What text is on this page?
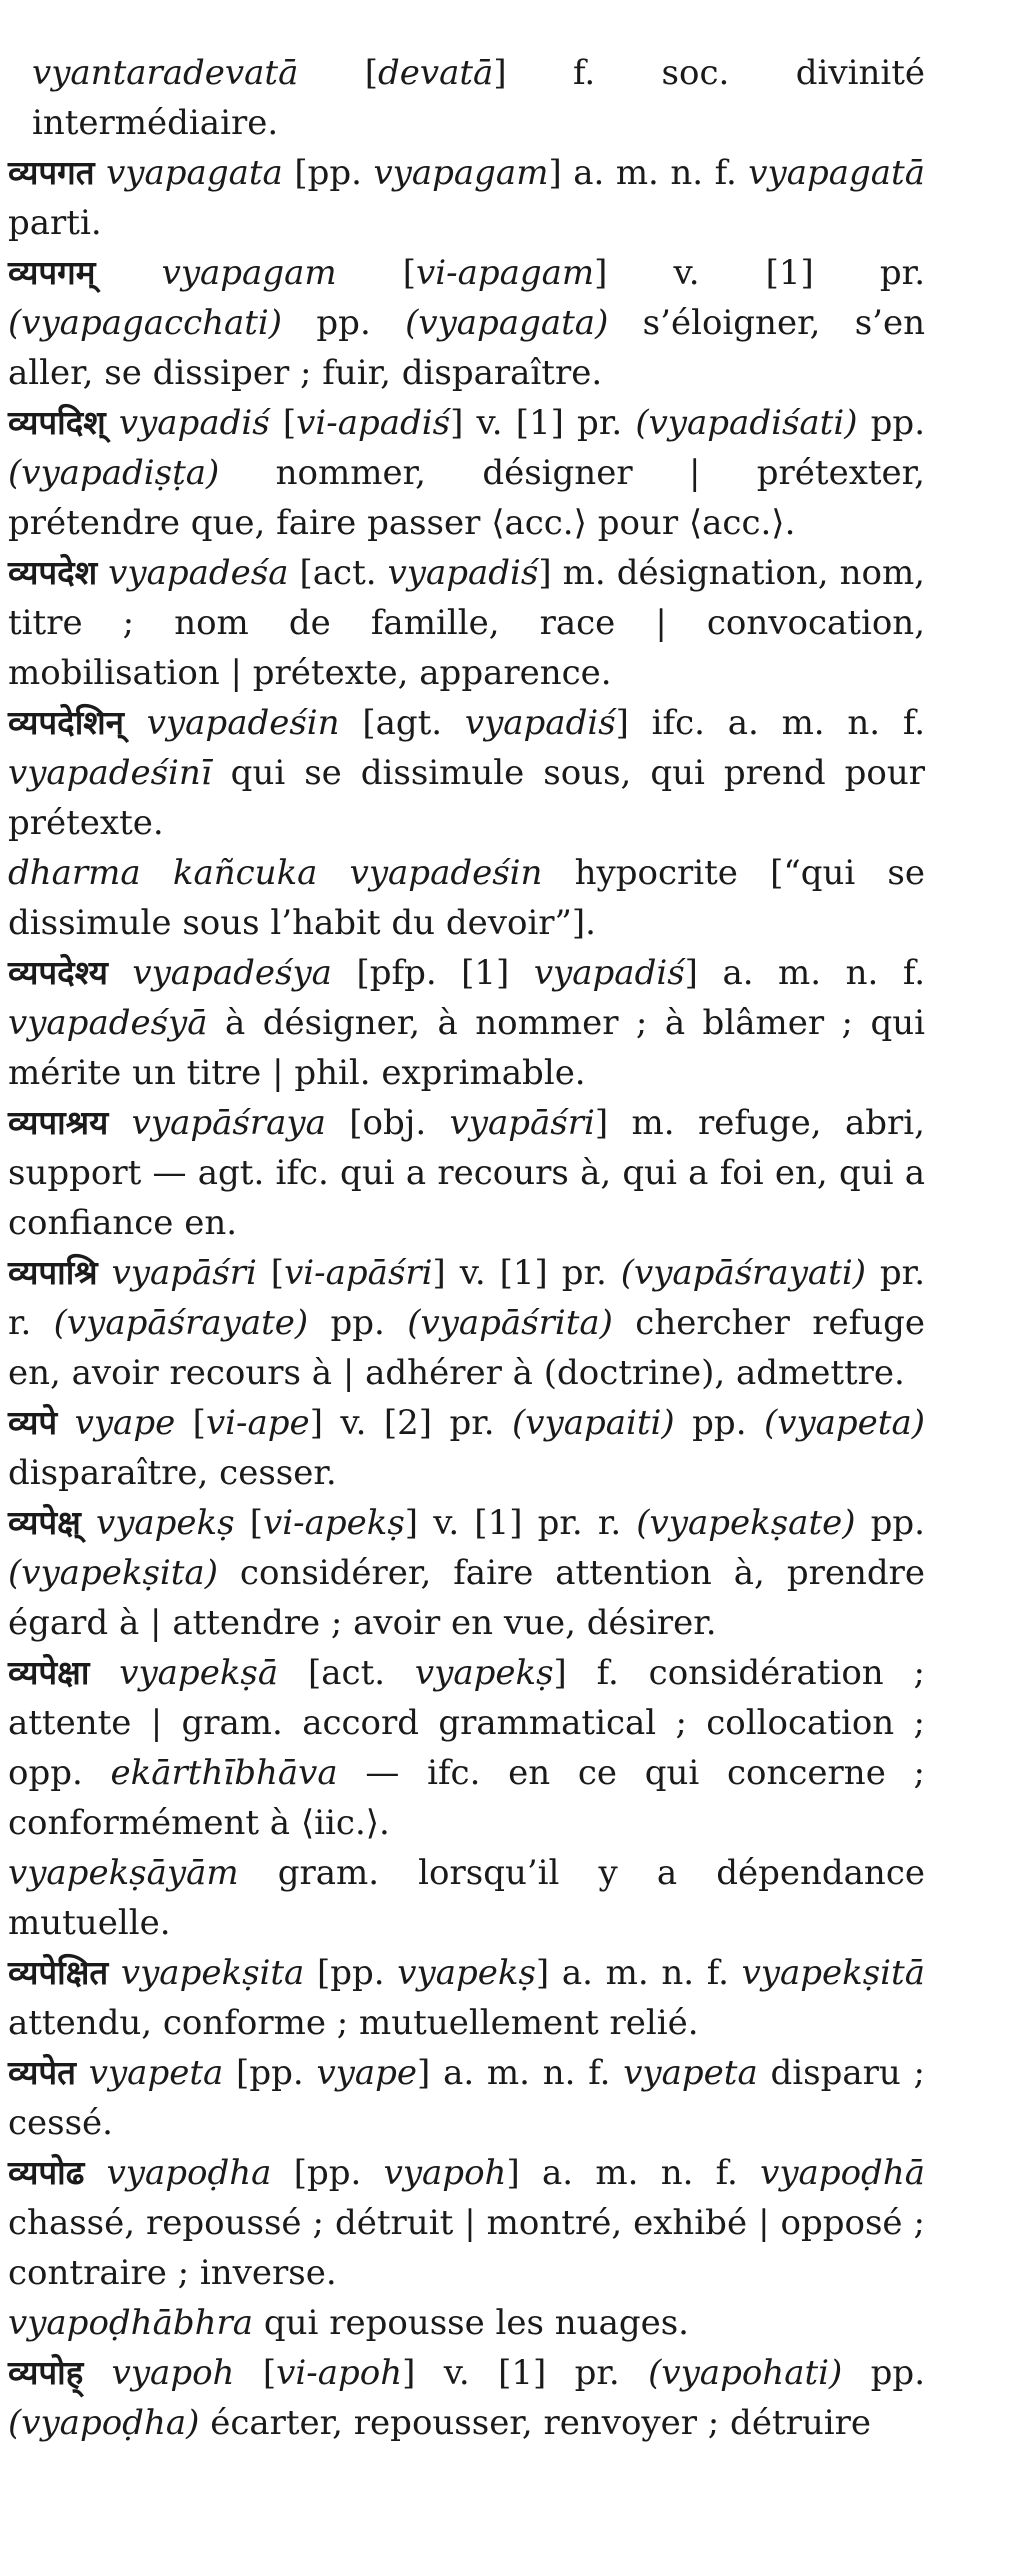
vyantaradevatā [devatā] f. soc. divinité intermédiaire.

व्यपगत vyapagata [pp. vyapagam] a. m. n. f. vyapagatā parti.

व्यपगम् vyapagam [vi-apagam] v. [1] pr. (vyapagacchati) pp. (vyapagata) s’éloigner, s’en aller, se dissiper ; fuir, disparaître.

व्यपदिश् vyapadiś [vi-apadiś] v. [1] pr. (vyapadiśati) pp. (vyapadiṣṭa) nommer, désigner | prétexter, prétendre que, faire passer ⟨acc.⟩ pour ⟨acc.⟩.

व्यपदेश vyapadeśa [act. vyapadiś] m. désignation, nom, titre ; nom de famille, race | convocation, mobilisation | prétexte, apparence.

व्यपदेशिन् vyapadeśin [agt. vyapadiś] ifc. a. m. n. f. vyapadeśinī qui se dissimule sous, qui prend pour prétexte.

dharma kañcuka vyapadeśin hypocrite [“qui se dissimule sous l’habit du devoir”].

व्यपदेश्य vyapadeśya [pfp. [1] vyapadiś] a. m. n. f. vyapadeśyā à désigner, à nommer ; à blâmer ; qui mérite un titre | phil. exprimable.

व्यपाश्रय vyapāśraya [obj. vyapāśri] m. refuge, abri, support — agt. ifc. qui a recours à, qui a foi en, qui a confiance en.

व्यपाश्रि vyapāśri [vi-apāśri] v. [1] pr. (vyapāśrayati) pr. r. (vyapāśrayate) pp. (vyapāśrita) chercher refuge en, avoir recours à | adhérer à (doctrine), admettre.

व्यपे vyape [vi-ape] v. [2] pr. (vyapaiti) pp. (vyapeta) disparaître, cesser.

व्यपेक्ष् vyapekṣ [vi-apekṣ] v. [1] pr. r. (vyapekṣate) pp. (vyapekṣita) considérer, faire attention à, prendre égard à | attendre ; avoir en vue, désirer.

व्यपेक्षा vyapekṣā [act. vyapekṣ] f. considération ; attente | gram. accord grammatical ; collocation ; opp. ekārthībhāva — ifc. en ce qui concerne ; conformément à ⟨iic.⟩.

vyapekṣāyām gram. lorsqu’il y a dépendance mutuelle.

व्यपेक्षित vyapekṣita [pp. vyapekṣ] a. m. n. f. vyapekṣitā attendu, conforme ; mutuellement relié.

व्यपेत vyapeta [pp. vyape] a. m. n. f. vyapeta disparu ; cessé.

व्यपोढ vyapoḍha [pp. vyapoh] a. m. n. f. vyapoḍhā chassé, repoussé ; détruit | montré, exhibé | opposé ; contraire ; inverse.

vyapoḍhābhra qui repousse les nuages.

व्यपोह् vyapoh [vi-apoh] v. [1] pr. (vyapohati) pp. (vyapoḍha) écarter, repousser, renvoyer ; détruire
